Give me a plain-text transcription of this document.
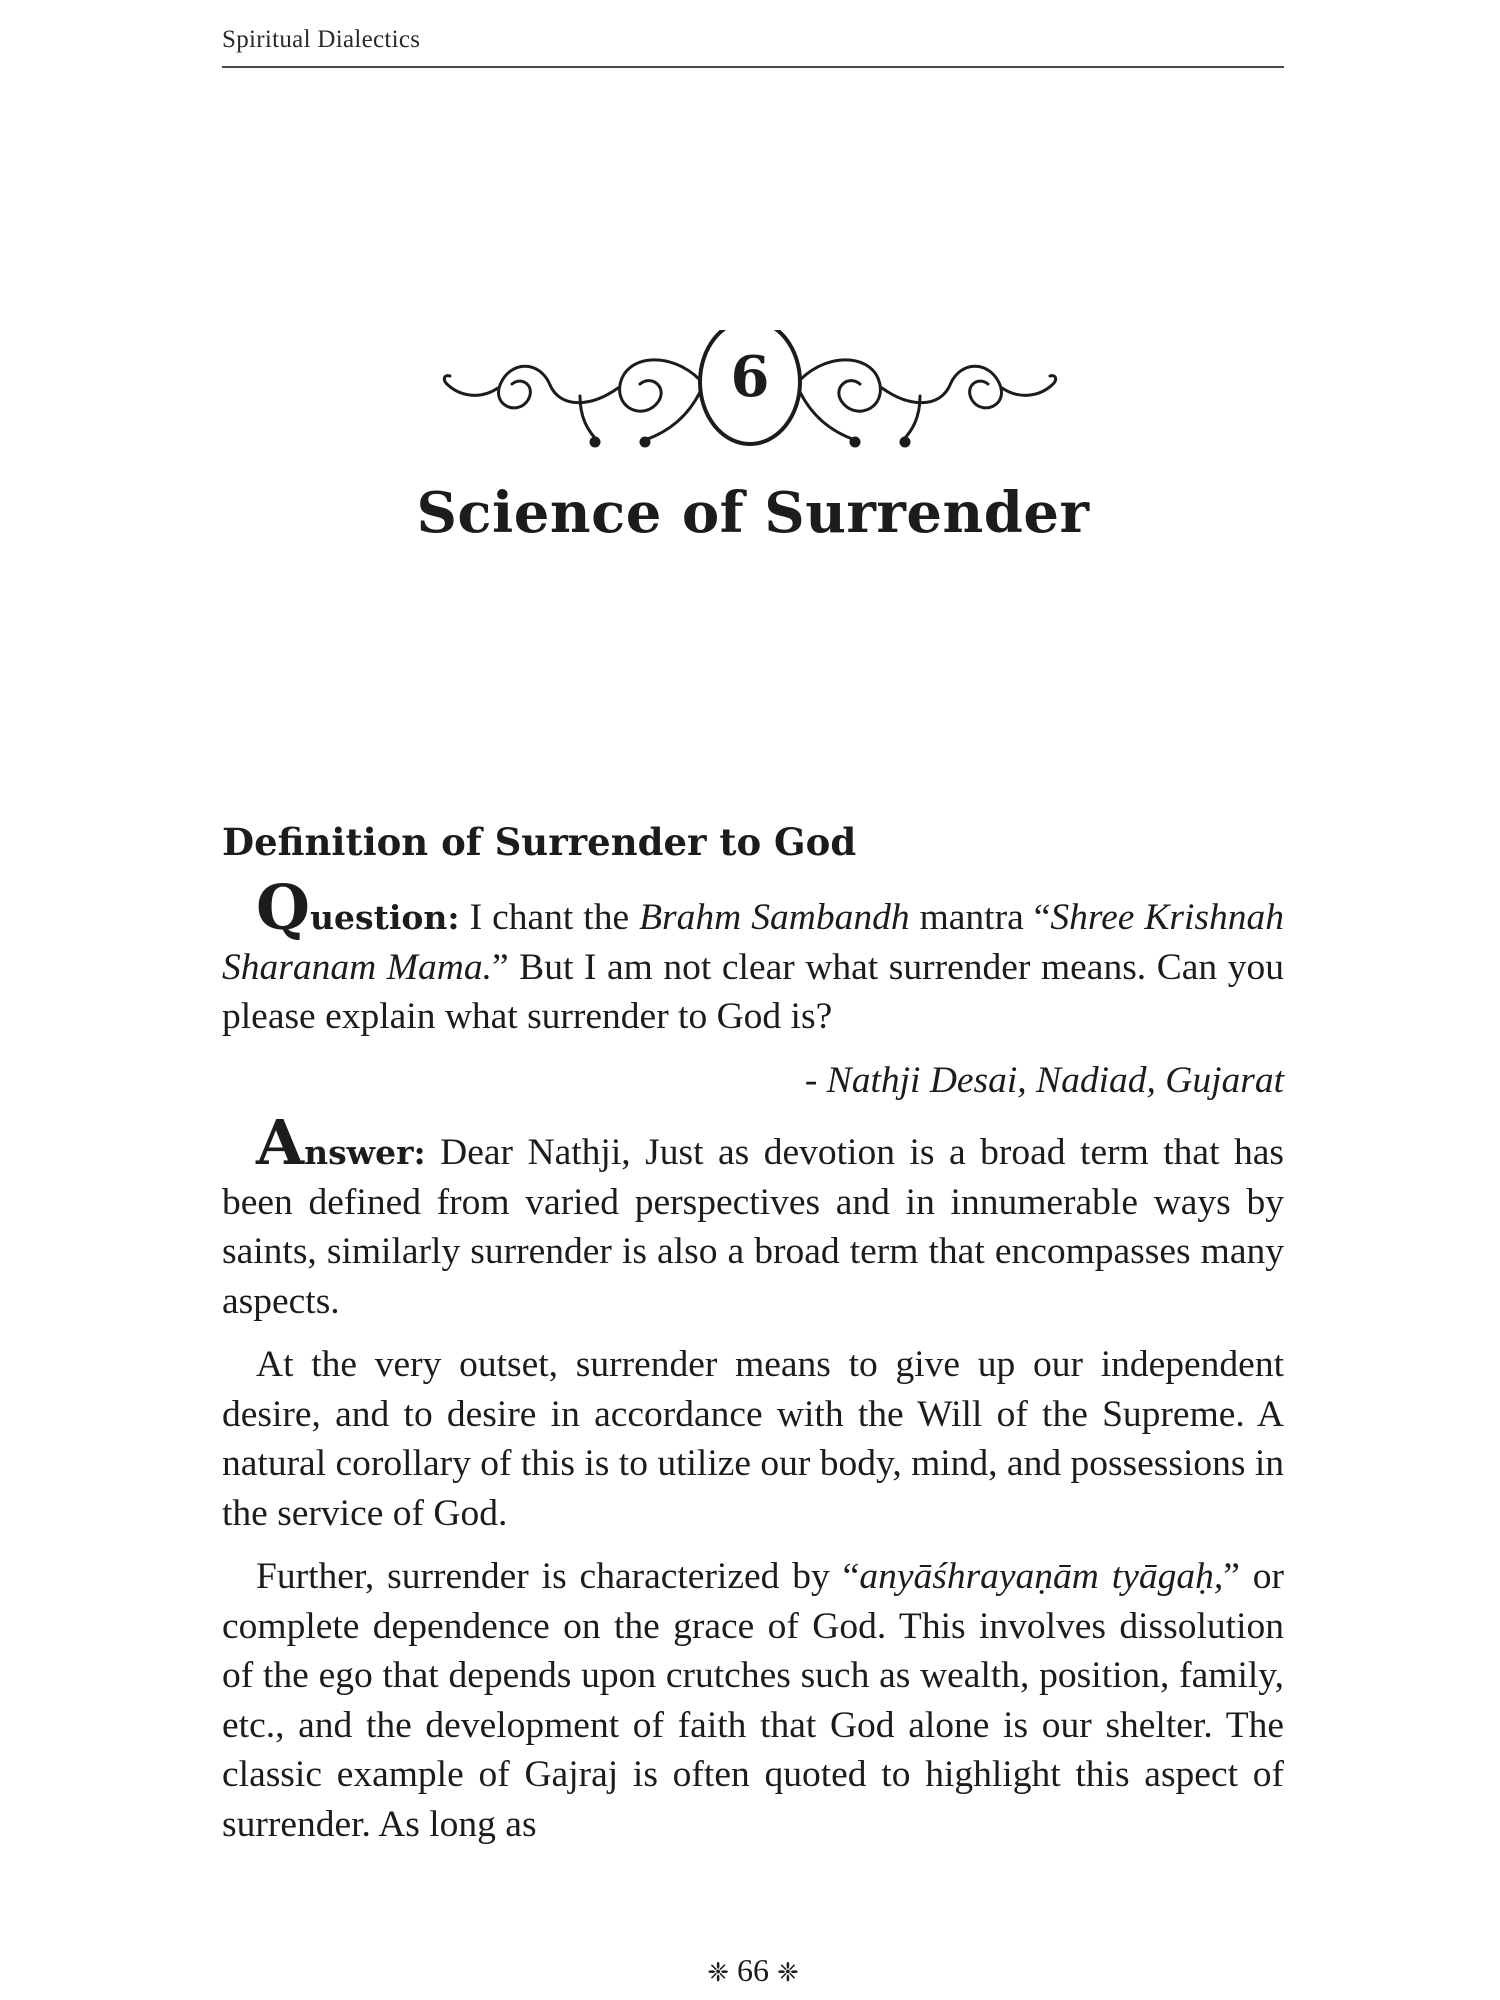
Spiritual Dialectics
6
Science of Surrender
Definition of Surrender to God

Question: I chant the Brahm Sambandh mantra “Shree Krishnah Sharanam Mama.” But I am not clear what surrender means. Can you please explain what surrender to God is?

- Nathji Desai, Nadiad, Gujarat

Answer: Dear Nathji, Just as devotion is a broad term that has been defined from varied perspectives and in innumerable ways by saints, similarly surrender is also a broad term that encompasses many aspects.

At the very outset, surrender means to give up our independent desire, and to desire in accordance with the Will of the Supreme. A natural corollary of this is to utilize our body, mind, and possessions in the service of God.

Further, surrender is characterized by “anyāśhrayaṇām tyāgaḥ,” or complete dependence on the grace of God. This involves dissolution of the ego that depends upon crutches such as wealth, position, family, etc., and the development of faith that God alone is our shelter. The classic example of Gajraj is often quoted to highlight this aspect of surrender. As long as

❈ 66 ❈
